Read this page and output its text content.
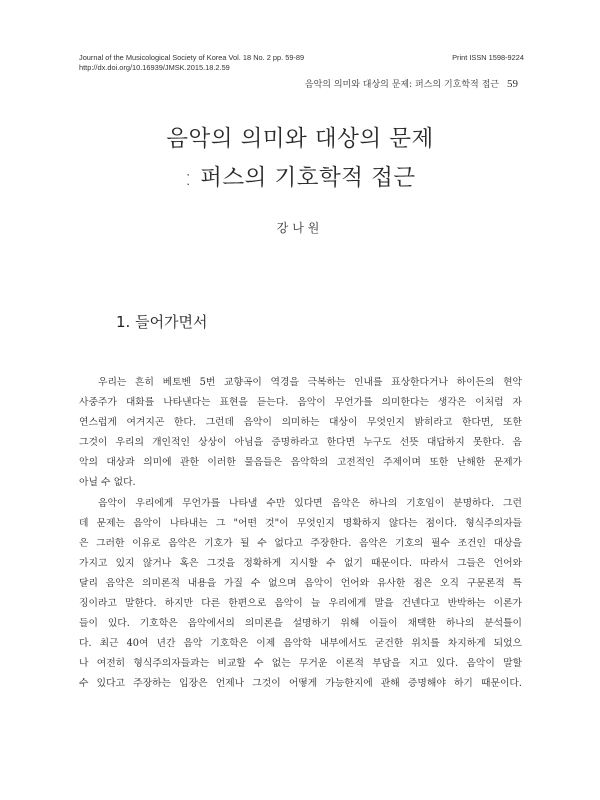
Journal of the Musicological Society of Korea Vol. 18 No. 2 pp. 59-89
http://dx.doi.org/10.16939/JMSK.2015.18.2.59
Print ISSN 1598-9224
음악의 의미와 대상의 문제: 퍼스의 기호학적 접근 59
음악의 의미와 대상의 문제
: 퍼스의 기호학적 접근
강나원
1. 들어가면서
우리는 흔히 베토벤 5번 교향곡이 역경을 극복하는 인내를 표상한다거나 하이든의 현악
사중주가 대화를 나타낸다는 표현을 듣는다. 음악이 무언가를 의미한다는 생각은 이처럼 자
연스럽게 여겨지곤 한다. 그런데 음악이 의미하는 대상이 무엇인지 밝히라고 한다면, 또한
그것이 우리의 개인적인 상상이 아님을 증명하라고 한다면 누구도 선뜻 대답하지 못한다. 음
악의 대상과 의미에 관한 이러한 물음들은 음악학의 고전적인 주제이며 또한 난해한 문제가
아닐 수 없다.
음악이 우리에게 무언가를 나타낼 수만 있다면 음악은 하나의 기호임이 분명하다. 그런
데 문제는 음악이 나타내는 그 "어떤 것"이 무엇인지 명확하지 않다는 점이다. 형식주의자들
은 그러한 이유로 음악은 기호가 될 수 없다고 주장한다. 음악은 기호의 필수 조건인 대상을
가지고 있지 않거나 혹은 그것을 정확하게 지시할 수 없기 때문이다. 따라서 그들은 언어와
달리 음악은 의미론적 내용을 가질 수 없으며 음악이 언어와 유사한 점은 오직 구문론적 특
징이라고 말한다. 하지만 다른 한편으로 음악이 늘 우리에게 말을 건넨다고 반박하는 이론가
들이 있다. 기호학은 음악에서의 의미론을 설명하기 위해 이들이 채택한 하나의 분석틀이
다. 최근 40여 년간 음악 기호학은 이제 음악학 내부에서도 굳건한 위치를 차지하게 되었으
나 여전히 형식주의자들과는 비교할 수 없는 무거운 이론적 부담을 지고 있다. 음악이 말할
수 있다고 주장하는 입장은 언제나 그것이 어떻게 가능한지에 관해 증명해야 하기 때문이다.
